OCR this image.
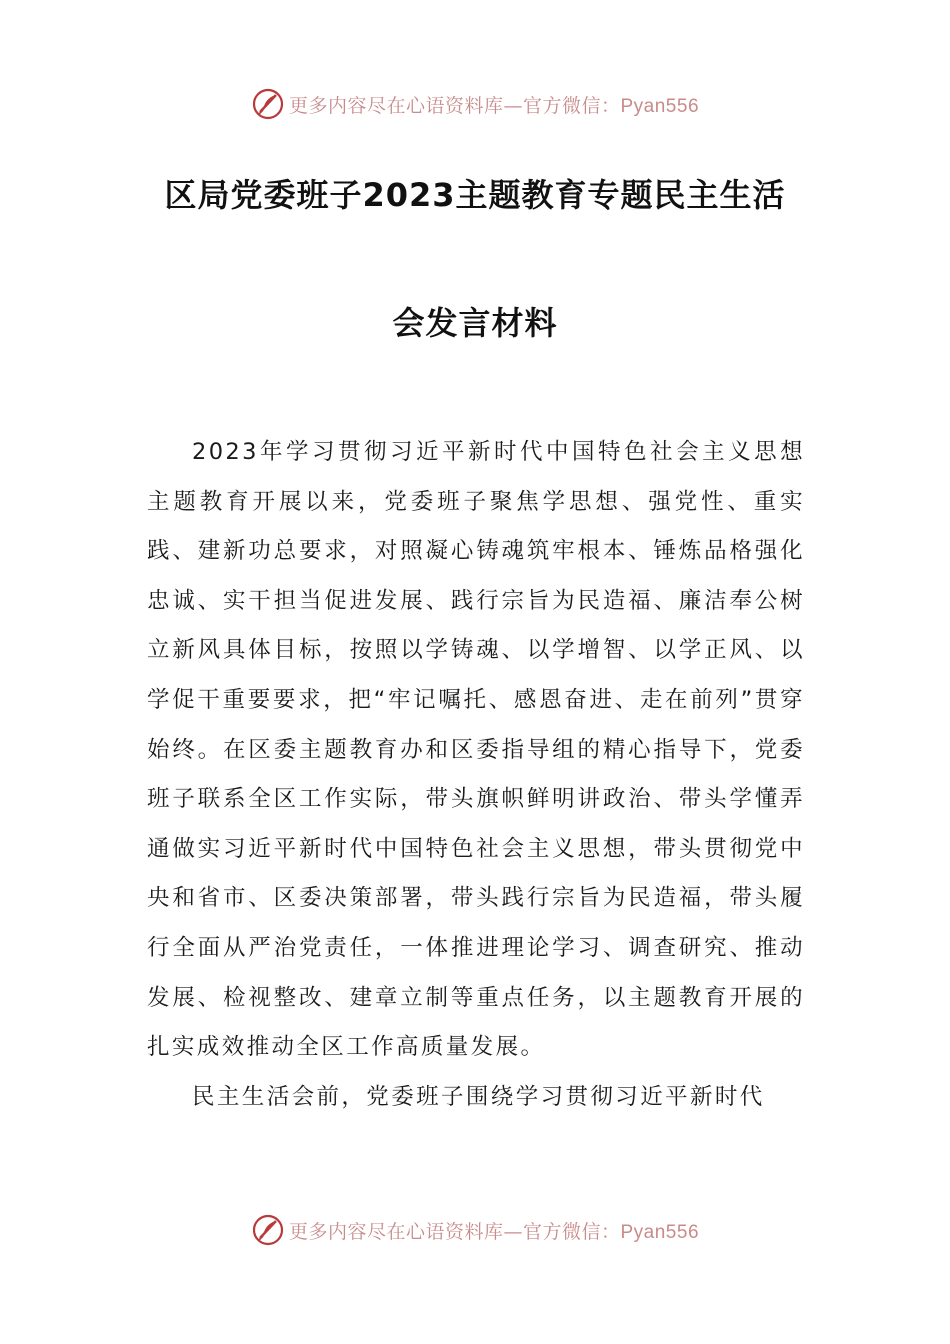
更多内容尽在心语资料库—官方微信：Pyan556
区局党委班子2023主题教育专题民主生活
会发言材料

2023年学习贯彻习近平新时代中国特色社会主义思想主题教育开展以来，党委班子聚焦学思想、强党性、重实践、建新功总要求，对照凝心铸魂筑牢根本、锤炼品格强化忠诚、实干担当促进发展、践行宗旨为民造福、廉洁奉公树立新风具体目标，按照以学铸魂、以学增智、以学正风、以学促干重要要求，把“牢记嘱托、感恩奋进、走在前列”贯穿始终。在区委主题教育办和区委指导组的精心指导下，党委班子联系全区工作实际，带头旗帜鲜明讲政治、带头学懂弄通做实习近平新时代中国特色社会主义思想，带头贯彻党中央和省市、区委决策部署，带头践行宗旨为民造福，带头履行全面从严治党责任，一体推进理论学习、调查研究、推动发展、检视整改、建章立制等重点任务，以主题教育开展的扎实成效推动全区工作高质量发展。

民主生活会前，党委班子围绕学习贯彻习近平新时代

更多内容尽在心语资料库—官方微信：Pyan556
